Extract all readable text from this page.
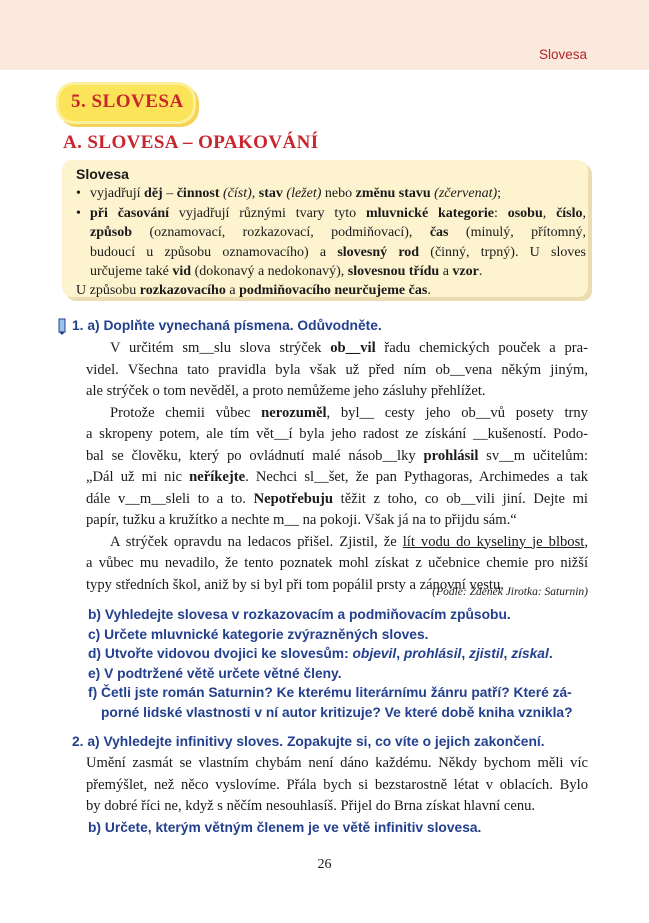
Slovesa
5. SLOVESA
A. SLOVESA – OPAKOVÁNÍ
Slovesa
• vyjadřují děj – činnost (číst), stav (ležet) nebo změnu stavu (zčervenat);
• při časování vyjadřují různými tvary tyto mluvnické kategorie: osobu, číslo,
způsob (oznamovací, rozkazovací, podmiňovací), čas (minulý, přítomný,
budoucí u způsobu oznamovacího) a slovesný rod (činný, trpný). U sloves
určujeme také vid (dokonavý a nedokonavý), slovesnou třídu a vzor.
U způsobu rozkazovacího a podmiňovacího neurčujeme čas.
1. a) Doplňte vynechaná písmena. Odůvodněte.
V určitém sm__slu slova strýček ob__vil řadu chemických pouček a pra-
videl. Všechna tato pravidla byla však už před ním ob__vena někým jiným,
ale strýček o tom nevěděl, a proto nemůžeme jeho zásluhy přehlížet.
Protože chemii vůbec nerozuměl, byl__ cesty jeho ob__vů posety trny
a skropeny potem, ale tím vět__í byla jeho radost ze získání __kušeností. Podo-
bal se člověku, který po ovládnutí malé násob__lky prohlásil sv__m učitelům:
„Dál už mi nic neříkejte. Nechci sl__šet, že pan Pythagoras, Archimedes a tak
dále v__m__sleli to a to. Nepotřebuju těžit z toho, co ob__vili jiní. Dejte mi
papír, tužku a kružítko a nechte m__ na pokoji. Však já na to přijdu sám.“
A strýček opravdu na ledacos přišel. Zjistil, že lít vodu do kyseliny je blbost,
a vůbec mu nevadilo, že tento poznatek mohl získat z učebnice chemie pro nižší
typy středních škol, aniž by si byl při tom popálil prsty a zánovní vestu.
(Podle: Zdeněk Jirotka: Saturnin)
b) Vyhledejte slovesa v rozkazovacím a podmiňovacím způsobu.
c) Určete mluvnické kategorie zvýrazněných sloves.
d) Utvořte vidovou dvojici ke slovesům: objevil, prohlásil, zjistil, získal.
e) V podtržené větě určete větné členy.
f) Četli jste román Saturnin? Ke kterému literárnímu žánru patří? Které zá-
porné lidské vlastnosti v ní autor kritizuje? Ve které době kniha vznikla?
2. a) Vyhledejte infinitivy sloves. Zopakujte si, co víte o jejich zakončení.
Umění zasmát se vlastním chybám není dáno každému. Někdy bychom měli víc
přemýšlet, než něco vyslovíme. Přála bych si bezstarostně létat v oblacích. Bylo
by dobré říci ne, když s něčím nesouhlasíš. Přijel do Brna získat hlavní cenu.
b) Určete, kterým větným členem je ve větě infinitiv slovesa.
26
